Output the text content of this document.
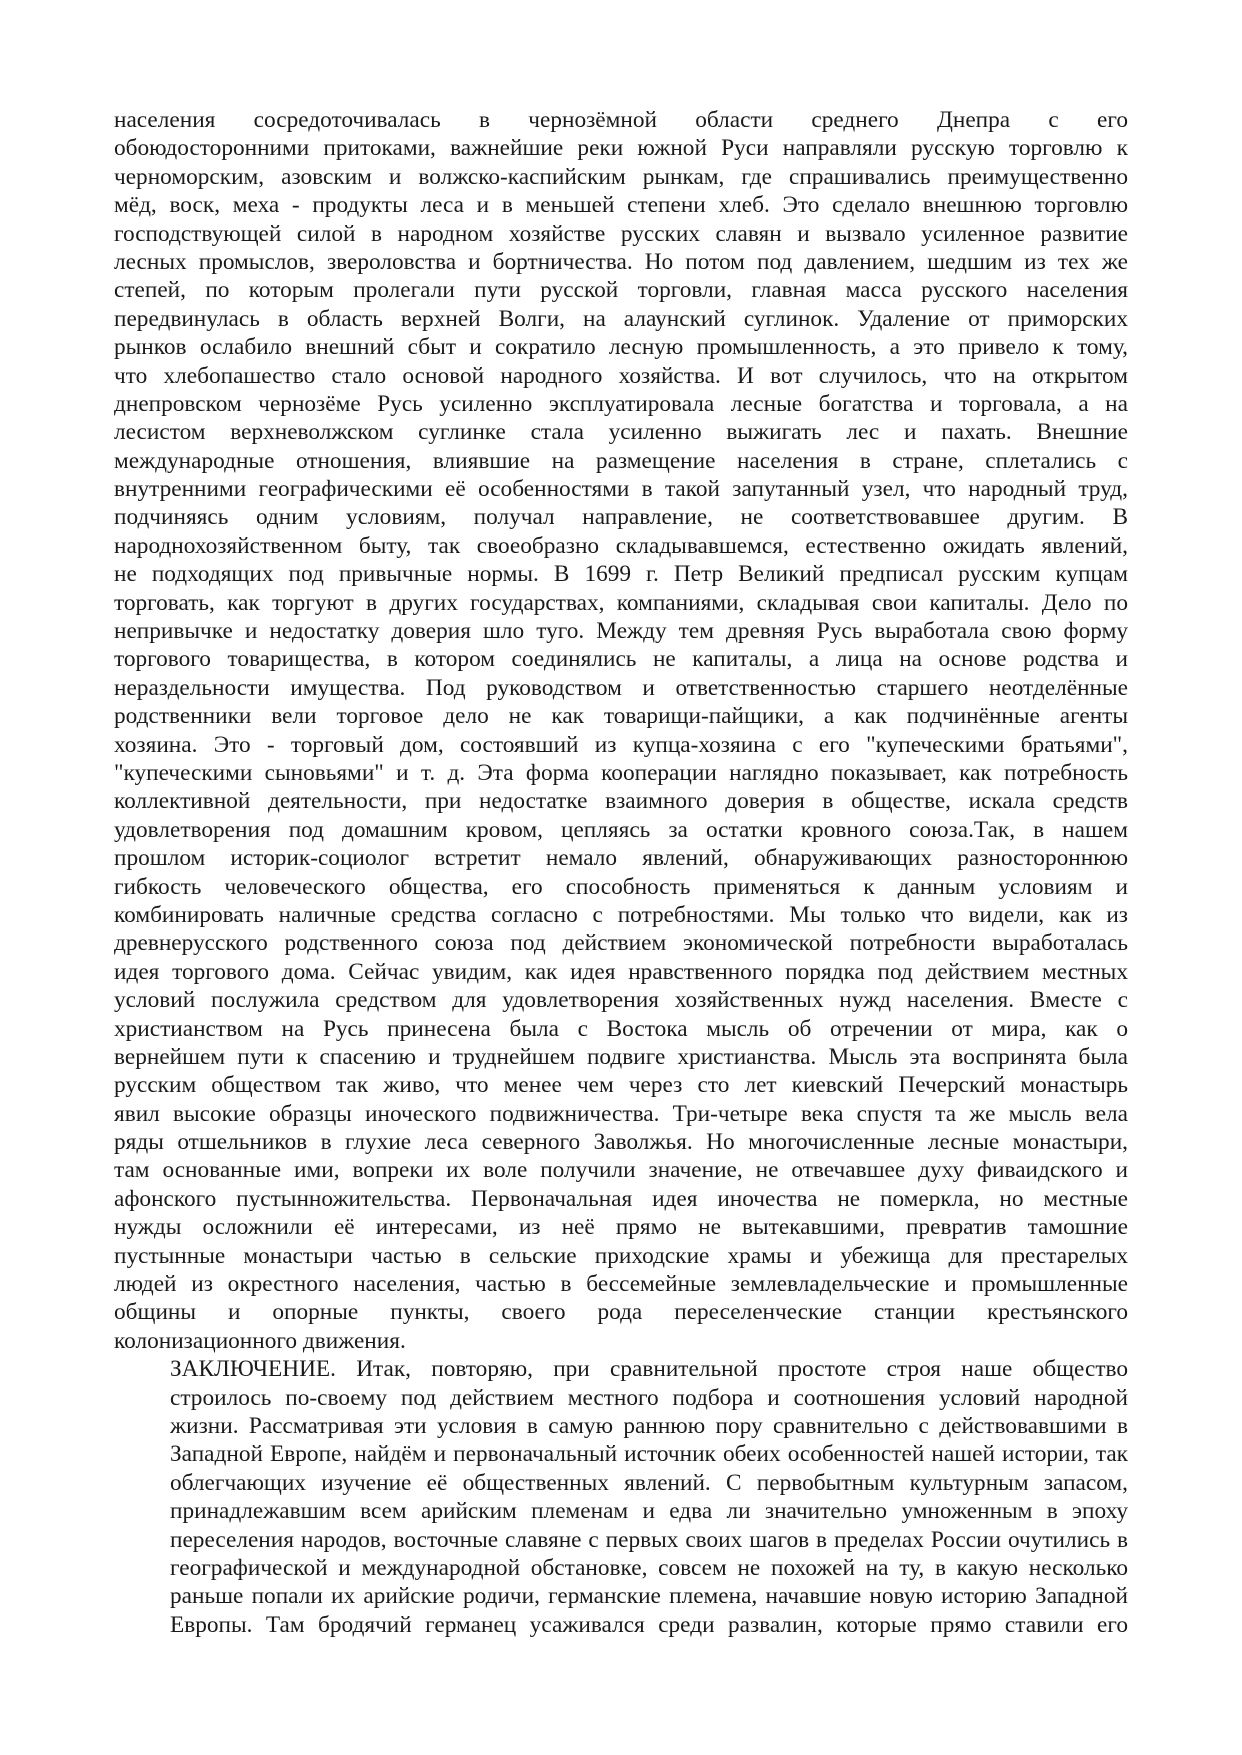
населения сосредоточивалась в чернозёмной области среднего Днепра с его
обоюдосторонними притоками, важнейшие реки южной Руси направляли русскую торговлю к
черноморским, азовским и волжско-каспийским рынкам, где спрашивались преимущественно
мёд, воск, меха - продукты леса и в меньшей степени хлеб. Это сделало внешнюю торговлю
господствующей силой в народном хозяйстве русских славян и вызвало усиленное развитие
лесных промыслов, звероловства и бортничества. Но потом под давлением, шедшим из тех же
степей, по которым пролегали пути русской торговли, главная масса русского населения
передвинулась в область верхней Волги, на алаунский суглинок. Удаление от приморских
рынков ослабило внешний сбыт и сократило лесную промышленность, а это привело к тому,
что хлебопашество стало основой народного хозяйства. И вот случилось, что на открытом
днепровском чернозёме Русь усиленно эксплуатировала лесные богатства и торговала, а на
лесистом верхневолжском суглинке стала усиленно выжигать лес и пахать. Внешние
международные отношения, влиявшие на размещение населения в стране, сплетались с
внутренними географическими её особенностями в такой запутанный узел, что народный труд,
подчиняясь одним условиям, получал направление, не соответствовавшее другим. В
народнохозяйственном быту, так своеобразно складывавшемся, естественно ожидать явлений,
не подходящих под привычные нормы. В 1699 г. Петр Великий предписал русским купцам
торговать, как торгуют в других государствах, компаниями, складывая свои капиталы. Дело по
непривычке и недостатку доверия шло туго. Между тем древняя Русь выработала свою форму
торгового товарищества, в котором соединялись не капиталы, а лица на основе родства и
нераздельности имущества. Под руководством и ответственностью старшего неотделённые
родственники вели торговое дело не как товарищи-пайщики, а как подчинённые агенты
хозяина. Это - торговый дом, состоявший из купца-хозяина с его "купеческими братьями",
"купеческими сыновьями" и т. д. Эта форма кооперации наглядно показывает, как потребность
коллективной деятельности, при недостатке взаимного доверия в обществе, искала средств
удовлетворения под домашним кровом, цепляясь за остатки кровного союза.Так, в нашем
прошлом историк-социолог встретит немало явлений, обнаруживающих разностороннюю
гибкость человеческого общества, его способность применяться к данным условиям и
комбинировать наличные средства согласно с потребностями. Мы только что видели, как из
древнерусского родственного союза под действием экономической потребности выработалась
идея торгового дома. Сейчас увидим, как идея нравственного порядка под действием местных
условий послужила средством для удовлетворения хозяйственных нужд населения. Вместе с
христианством на Русь принесена была с Востока мысль об отречении от мира, как о
вернейшем пути к спасению и труднейшем подвиге христианства. Мысль эта воспринята была
русским обществом так живо, что менее чем через сто лет киевский Печерский монастырь
явил высокие образцы иноческого подвижничества. Три-четыре века спустя та же мысль вела
ряды отшельников в глухие леса северного Заволжья. Но многочисленные лесные монастыри,
там основанные ими, вопреки их воле получили значение, не отвечавшее духу фиваидского и
афонского пустынножительства. Первоначальная идея иночества не померкла, но местные
нужды осложнили её интересами, из неё прямо не вытекавшими, превратив тамошние
пустынные монастыри частью в сельские приходские храмы и убежища для престарелых
людей из окрестного населения, частью в бессемейные землевладельческие и промышленные
общины и опорные пункты, своего рода переселенческие станции крестьянского
колонизационного движения.
ЗАКЛЮЧЕНИЕ. Итак, повторяю, при сравнительной простоте строя наше общество
строилось по-своему под действием местного подбора и соотношения условий народной
жизни. Рассматривая эти условия в самую раннюю пору сравнительно с действовавшими в
Западной Европе, найдём и первоначальный источник обеих особенностей нашей истории, так
облегчающих изучение её общественных явлений. С первобытным культурным запасом,
принадлежавшим всем арийским племенам и едва ли значительно умноженным в эпоху
переселения народов, восточные славяне с первых своих шагов в пределах России очутились в
географической и международной обстановке, совсем не похожей на ту, в какую несколько
раньше попали их арийские родичи, германские племена, начавшие новую историю Западной
Европы. Там бродячий германец усаживался среди развалин, которые прямо ставили его
